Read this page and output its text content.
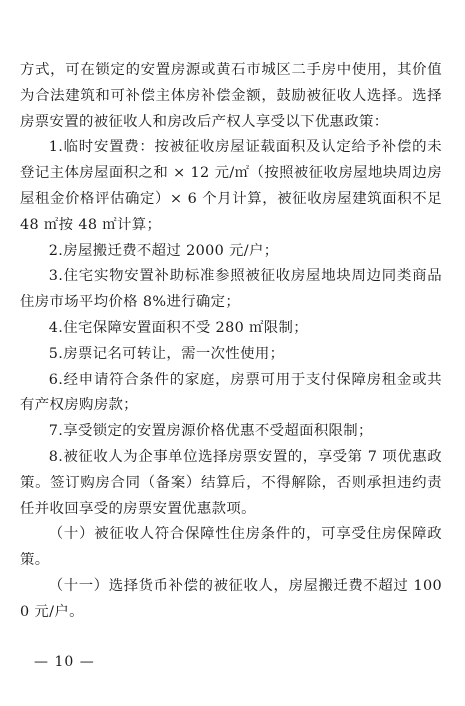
方式，可在锁定的安置房源或黄石市城区二手房中使用，其价值为合法建筑和可补偿主体房补偿金额，鼓励被征收人选择。选择房票安置的被征收人和房改后产权人享受以下优惠政策：

1.临时安置费：按被征收房屋证载面积及认定给予补偿的未登记主体房屋面积之和 × 12 元/㎡（按照被征收房屋地块周边房屋租金价格评估确定）× 6 个月计算，被征收房屋建筑面积不足 48 ㎡按 48 ㎡计算；

2.房屋搬迁费不超过 2000 元/户；

3.住宅实物安置补助标准参照被征收房屋地块周边同类商品住房市场平均价格 8%进行确定；

4.住宅保障安置面积不受 280 ㎡限制；

5.房票记名可转让，需一次性使用；

6.经申请符合条件的家庭，房票可用于支付保障房租金或共有产权房购房款；

7.享受锁定的安置房源价格优惠不受超面积限制；

8.被征收人为企事单位选择房票安置的，享受第 7 项优惠政策。签订购房合同（备案）结算后，不得解除，否则承担违约责任并收回享受的房票安置优惠款项。

（十）被征收人符合保障性住房条件的，可享受住房保障政策。

（十一）选择货币补偿的被征收人，房屋搬迁费不超过 1000 元/户。

— 10 —
